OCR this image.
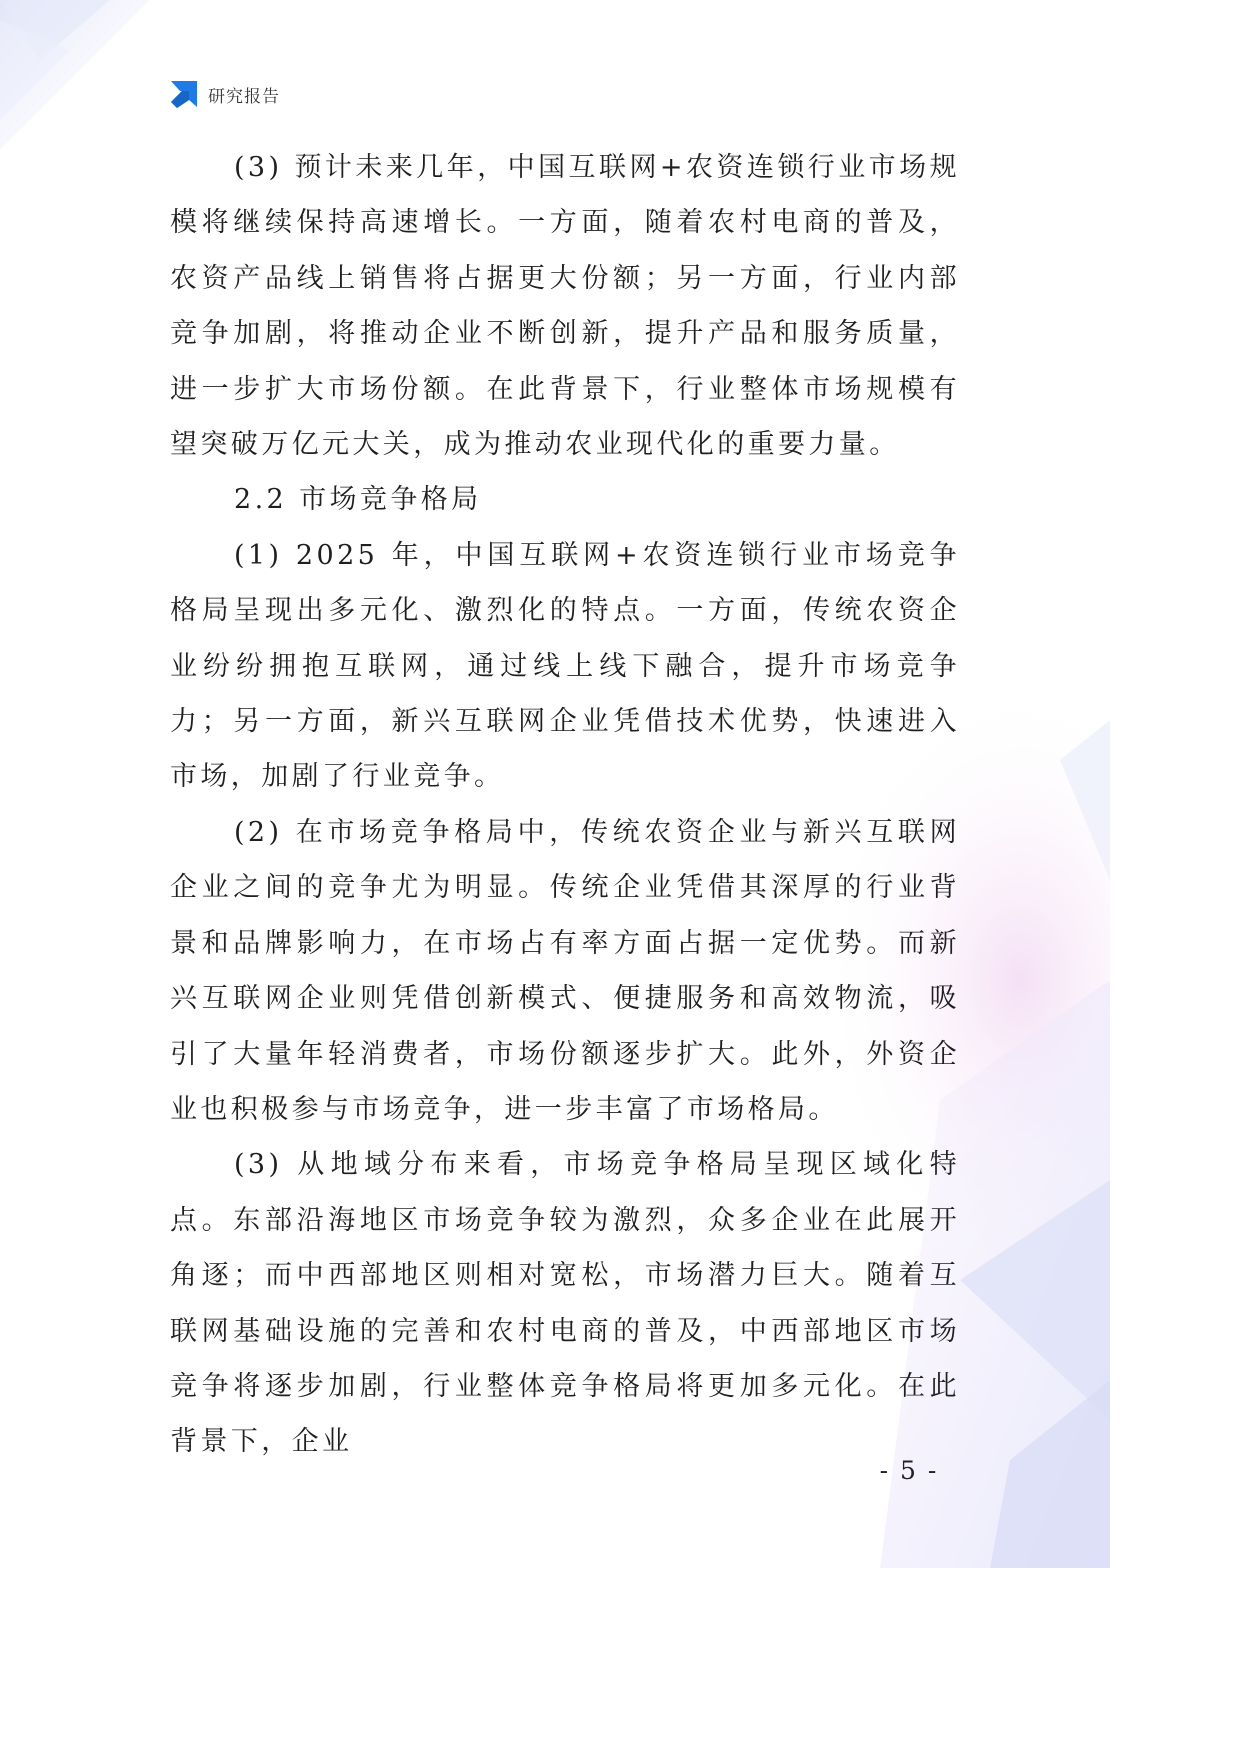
研究报告

(3) 预计未来几年，中国互联网+农资连锁行业市场规模将继续保持高速增长。一方面，随着农村电商的普及，农资产品线上销售将占据更大份额；另一方面，行业内部竞争加剧，将推动企业不断创新，提升产品和服务质量，进一步扩大市场份额。在此背景下，行业整体市场规模有望突破万亿元大关，成为推动农业现代化的重要力量。

2.2 市场竞争格局

(1) 2025 年，中国互联网+农资连锁行业市场竞争格局呈现出多元化、激烈化的特点。一方面，传统农资企业纷纷拥抱互联网，通过线上线下融合，提升市场竞争力；另一方面，新兴互联网企业凭借技术优势，快速进入市场，加剧了行业竞争。

(2) 在市场竞争格局中，传统农资企业与新兴互联网企业之间的竞争尤为明显。传统企业凭借其深厚的行业背景和品牌影响力，在市场占有率方面占据一定优势。而新兴互联网企业则凭借创新模式、便捷服务和高效物流，吸引了大量年轻消费者，市场份额逐步扩大。此外，外资企业也积极参与市场竞争，进一步丰富了市场格局。

(3) 从地域分布来看，市场竞争格局呈现区域化特点。东部沿海地区市场竞争较为激烈，众多企业在此展开角逐；而中西部地区则相对宽松，市场潜力巨大。随着互联网基础设施的完善和农村电商的普及，中西部地区市场竞争将逐步加剧，行业整体竞争格局将更加多元化。在此背景下，企业

- 5 -
